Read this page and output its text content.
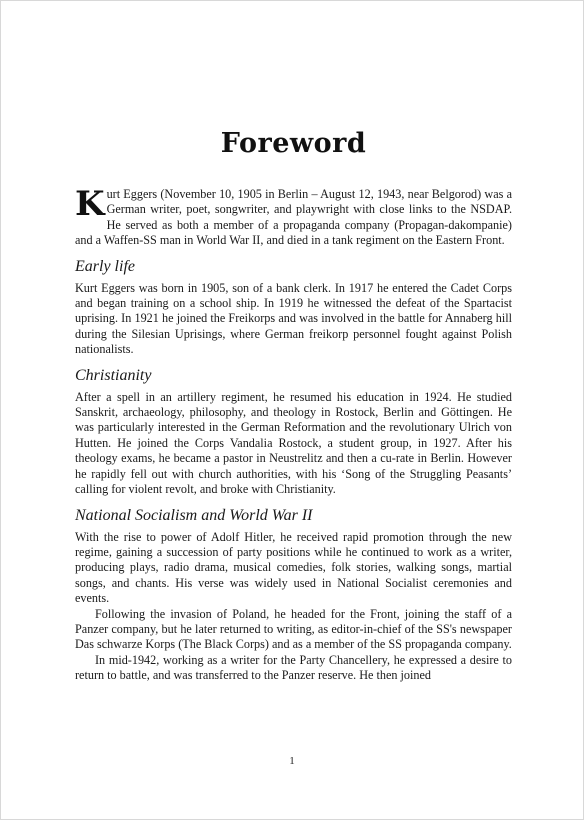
Foreword

Kurt Eggers (November 10, 1905 in Berlin – August 12, 1943, near Belgorod) was a German writer, poet, songwriter, and playwright with close links to the NSDAP. He served as both a member of a propaganda company (Propagan-dakompanie) and a Waffen-SS man in World War II, and died in a tank regiment on the Eastern Front.

Early life

Kurt Eggers was born in 1905, son of a bank clerk. In 1917 he entered the Cadet Corps and began training on a school ship. In 1919 he witnessed the defeat of the Spartacist uprising. In 1921 he joined the Freikorps and was involved in the battle for Annaberg hill during the Silesian Uprisings, where German freikorp personnel fought against Polish nationalists.

Christianity

After a spell in an artillery regiment, he resumed his education in 1924. He studied Sanskrit, archaeology, philosophy, and theology in Rostock, Berlin and Göttingen. He was particularly interested in the German Reformation and the revolutionary Ulrich von Hutten. He joined the Corps Vandalia Rostock, a student group, in 1927. After his theology exams, he became a pastor in Neustrelitz and then a cu-rate in Berlin. However he rapidly fell out with church authorities, with his ‘Song of the Struggling Peasants’ calling for violent revolt, and broke with Christianity.

National Socialism and World War II

With the rise to power of Adolf Hitler, he received rapid promotion through the new regime, gaining a succession of party positions while he continued to work as a writer, producing plays, radio drama, musical comedies, folk stories, walking songs, martial songs, and chants. His verse was widely used in National Socialist ceremonies and events.

Following the invasion of Poland, he headed for the Front, joining the staff of a Panzer company, but he later returned to writing, as editor-in-chief of the SS's newspaper Das schwarze Korps (The Black Corps) and as a member of the SS propaganda company.

In mid-1942, working as a writer for the Party Chancellery, he expressed a desire to return to battle, and was transferred to the Panzer reserve. He then joined

1
